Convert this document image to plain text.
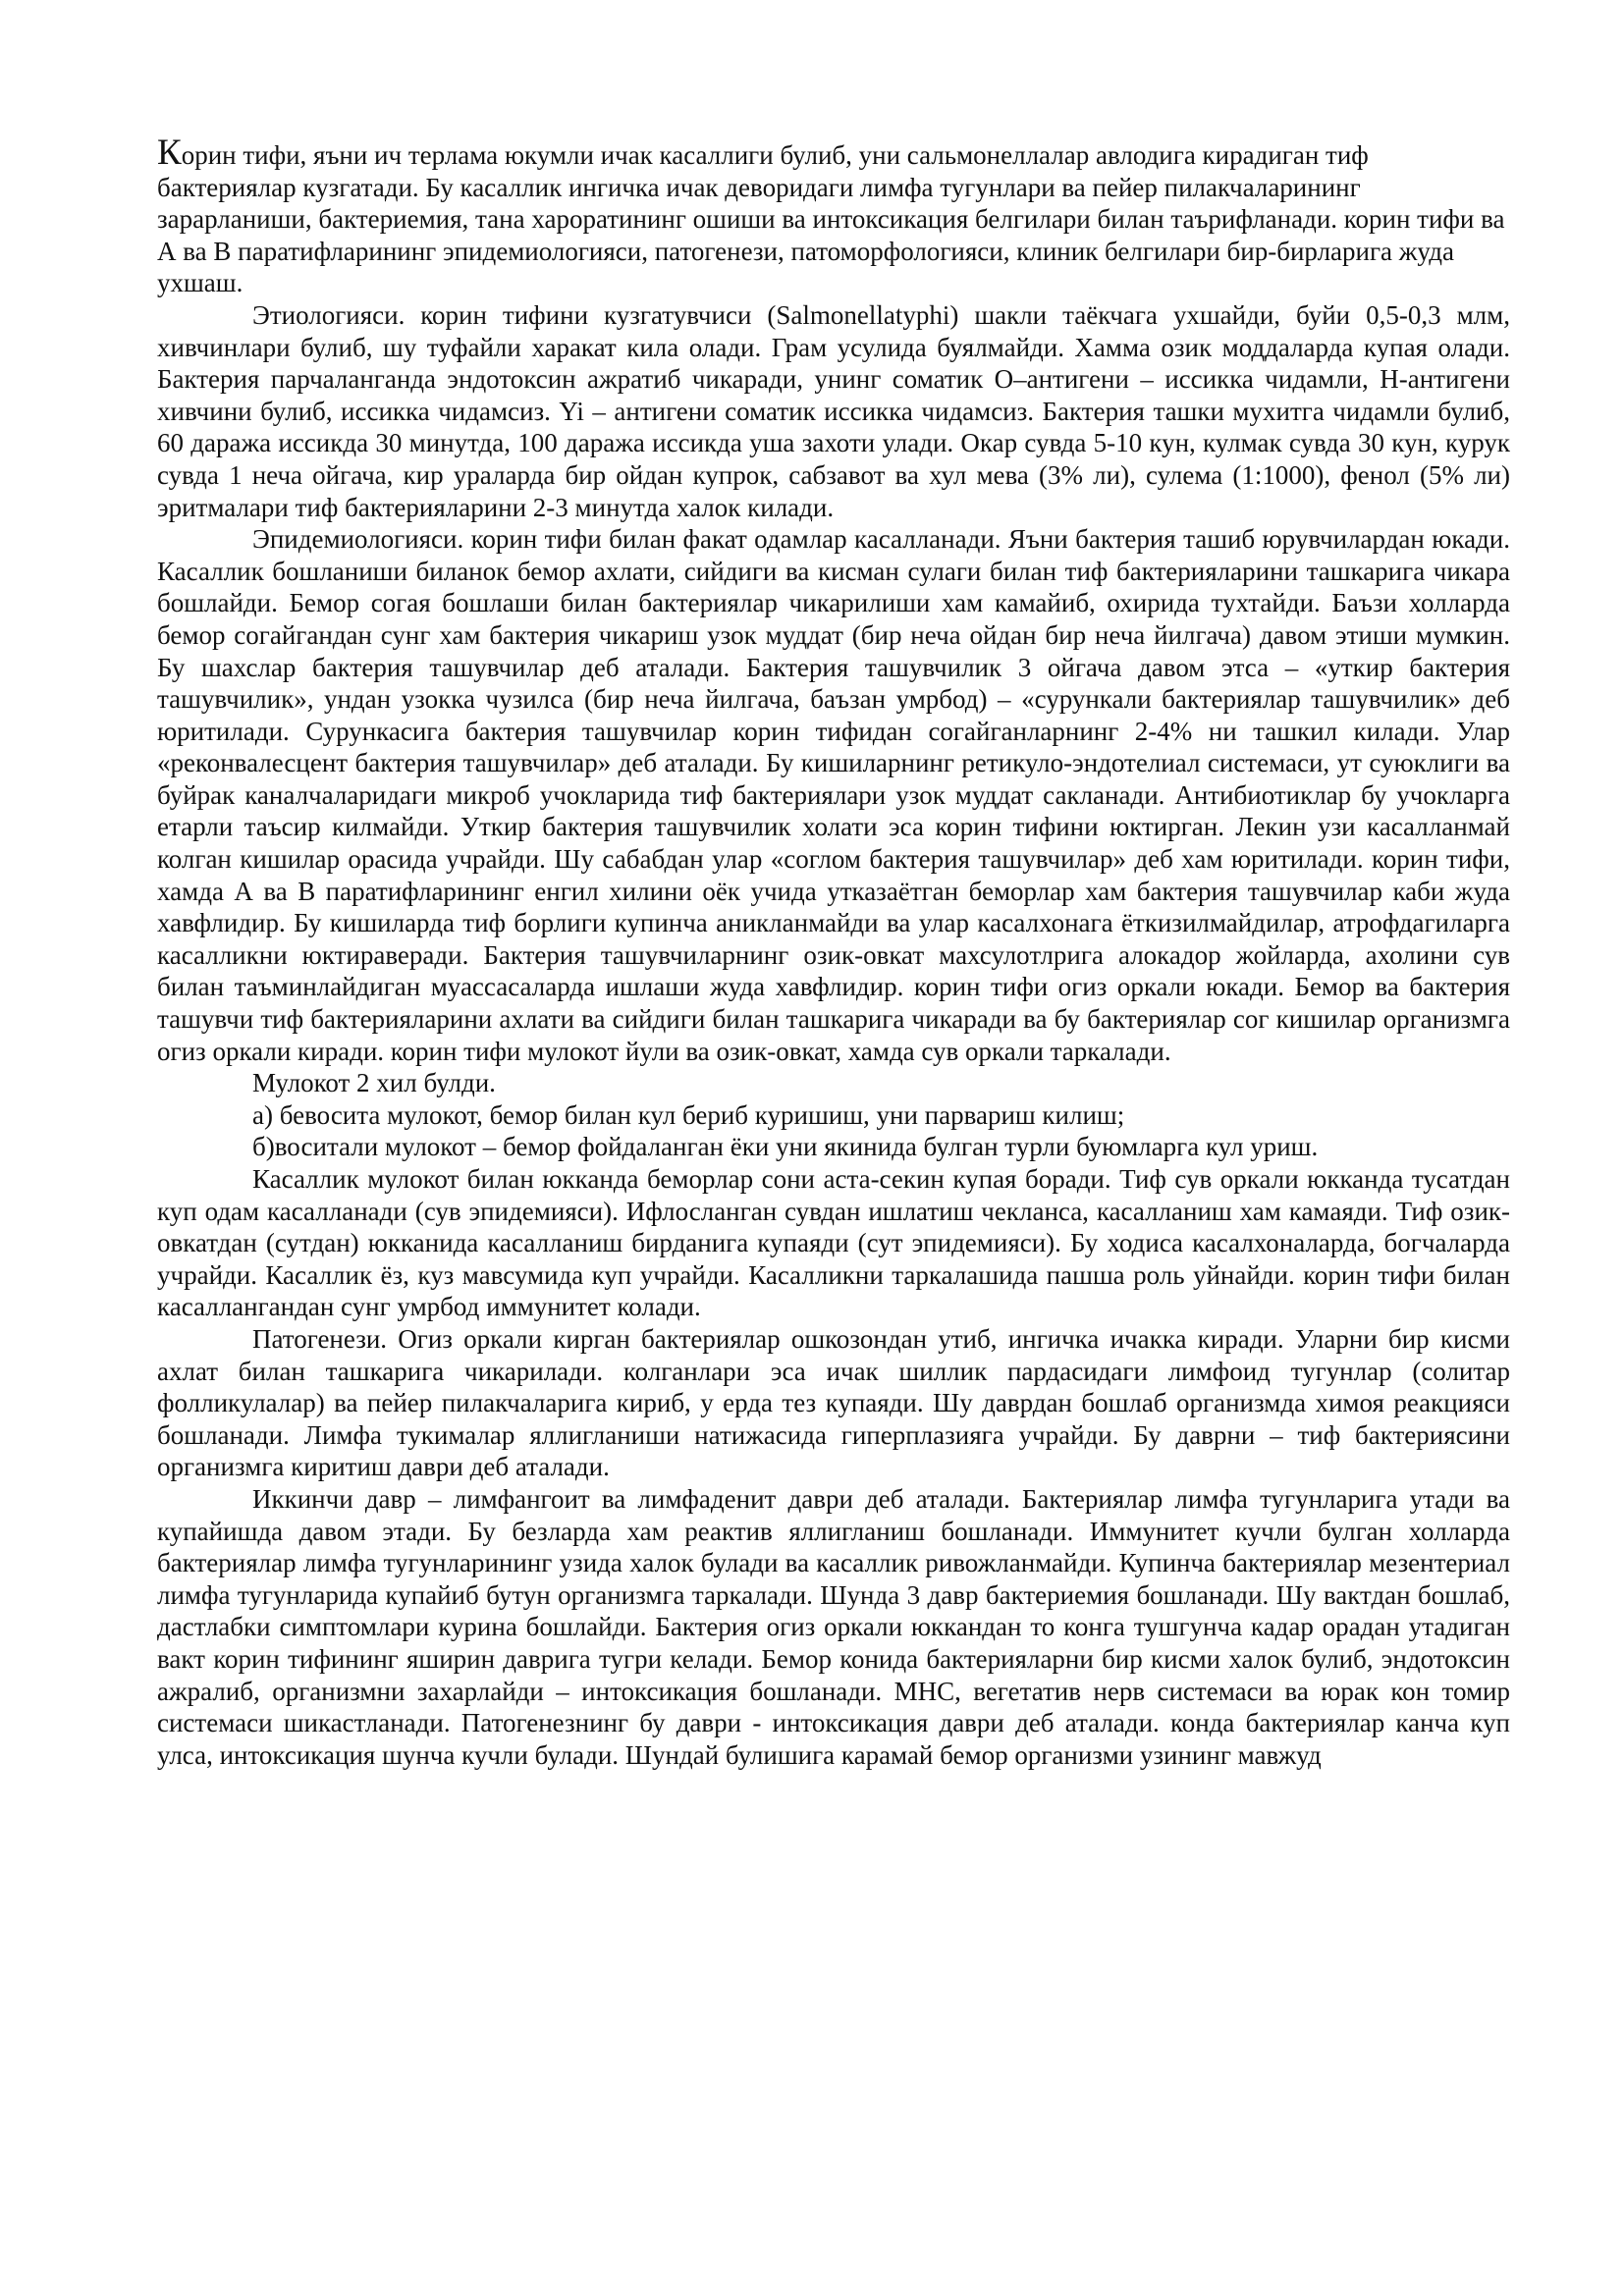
Корин тифи, яъни ич терлама юкумли ичак касаллиги булиб, уни сальмонеллалар авлодига кирадиган тиф бактериялар кузгатади. Бу касаллик ингичка ичак деворидаги лимфа тугунлари ва пейер пилакчаларининг зарарланиши, бактериемия, тана хароратининг ошиши ва интоксикация белгилари билан таърифланади. корин тифи ва А ва В паратифларининг эпидемиологияси, патогенези, патоморфологияси, клиник белгилари бир-бирларига жуда ухшаш.

Этиологияси. корин тифини кузгатувчиси (Salmonellatyphi) шакли таёкчага ухшайди, буйи 0,5-0,3 млм, хивчинлари булиб, шу туфайли харакат кила олади. Грам усулида буялмайди. Хамма озик моддаларда купая олади. Бактерия парчаланганда эндотоксин ажратиб чикаради, унинг соматик О–антигени – иссикка чидамли, Н-антигени хивчини булиб, иссикка чидамсиз. Yi – антигени соматик иссикка чидамсиз. Бактерия ташки мухитга чидамли булиб, 60 даража иссикда 30 минутда, 100 даража иссикда уша захоти улади. Окар сувда 5-10 кун, кулмак сувда 30 кун, курук сувда 1 неча ойгача, кир ураларда бир ойдан купрок, сабзавот ва хул мева (3% ли), сулема (1:1000), фенол (5% ли) эритмалари тиф бактерияларини 2-3 минутда халок килади.

Эпидемиологияси. корин тифи билан факат одамлар касалланади. Яъни бактерия ташиб юрувчилардан юкади. Касаллик бошланиши биланок бемор ахлати, сийдиги ва кисман сулаги билан тиф бактерияларини ташкарига чикара бошлайди. Бемор согая бошлаши билан бактериялар чикарилиши хам камайиб, охирида тухтайди. Баъзи холларда бемор согайгандан сунг хам бактерия чикариш узок муддат (бир неча ойдан бир неча йилгача) давом этиши мумкин. Бу шахслар бактерия ташувчилар деб аталади. Бактерия ташувчилик 3 ойгача давом этса – «уткир бактерия ташувчилик», ундан узокка чузилса (бир неча йилгача, баъзан умрбод) – «сурункали бактериялар ташувчилик» деб юритилади. Сурункасига бактерия ташувчилар корин тифидан согайганларнинг 2-4% ни ташкил килади. Улар «реконвалесцент бактерия ташувчилар» деб аталади. Бу кишиларнинг ретикуло-эндотелиал системаси, ут суюклиги ва буйрак каналчаларидаги микроб учокларида тиф бактериялари узок муддат сакланади. Антибиотиклар бу учокларга етарли таъсир килмайди. Уткир бактерия ташувчилик холати эса корин тифини юктирган. Лекин узи касалланмай колган кишилар орасида учрайди. Шу сабабдан улар «соглом бактерия ташувчилар» деб хам юритилади. корин тифи, хамда А ва В паратифларининг енгил хилини оёк учида утказаётган беморлар хам бактерия ташувчилар каби жуда хавфлидир. Бу кишиларда тиф борлиги купинча аникланмайди ва улар касалхонага ёткизилмайдилар, атрофдагиларга касалликни юктираверади. Бактерия ташувчиларнинг озик-овкат махсулотлрига алокадор жойларда, ахолини сув билан таъминлайдиган муассасаларда ишлаши жуда хавфлидир. корин тифи огиз оркали юкади. Бемор ва бактерия ташувчи тиф бактерияларини ахлати ва сийдиги билан ташкарига чикаради ва бу бактериялар сог кишилар организмга огиз оркали киради. корин тифи мулокот йули ва озик-овкат, хамда сув оркали таркалади.

Мулокот 2 хил булди.

а) бевосита мулокот, бемор билан кул бериб куришиш, уни парвариш килиш;

б)воситали мулокот – бемор фойдаланган ёки уни якинида булган турли буюмларга кул уриш.

Касаллик мулокот билан юкканда беморлар сони аста-секин купая боради. Тиф сув оркали юкканда тусатдан куп одам касалланади (сув эпидемияси). Ифлосланган сувдан ишлатиш чекланса, касалланиш хам камаяди. Тиф озик-овкатдан (сутдан) юкканида касалланиш бирданига купаяди (сут эпидемияси). Бу ходиса касалхоналарда, богчаларда учрайди. Касаллик ёз, куз мавсумида куп учрайди. Касалликни таркалашида пашша роль уйнайди. корин тифи билан касаллангандан сунг умрбод иммунитет колади.

Патогенези. Огиз оркали кирган бактериялар ошкозондан утиб, ингичка ичакка киради. Уларни бир кисми ахлат билан ташкарига чикарилади. колганлари эса ичак шиллик пардасидаги лимфоид тугунлар (солитар фолликулалар) ва пейер пилакчаларига кириб, у ерда тез купаяди. Шу даврдан бошлаб организмда химоя реакцияси бошланади. Лимфа тукималар яллигланиши натижасида гиперплазияга учрайди. Бу даврни – тиф бактериясини организмга киритиш даври деб аталади.

Иккинчи давр – лимфангоит ва лимфаденит даври деб аталади. Бактериялар лимфа тугунларига утади ва купайишда давом этади. Бу безларда хам реактив яллигланиш бошланади. Иммунитет кучли булган холларда бактериялар лимфа тугунларининг узида халок булади ва касаллик ривожланмайди. Купинча бактериялар мезентериал лимфа тугунларида купайиб бутун организмга таркалади. Шунда 3 давр бактериемия бошланади. Шу вактдан бошлаб, дастлабки симптомлари курина бошлайди. Бактерия огиз оркали юккандан то конга тушгунча кадар орадан утадиган вакт корин тифининг яширин даврига тугри келади. Бемор конида бактерияларни бир кисми халок булиб, эндотоксин ажралиб, организмни захарлайди – интоксикация бошланади. МНС, вегетатив нерв системаси ва юрак кон томир системаси шикастланади. Патогенезнинг бу даври - интоксикация даври деб аталади. конда бактериялар канча куп улса, интоксикация шунча кучли булади. Шундай булишига карамай бемор организми узининг мавжуд
